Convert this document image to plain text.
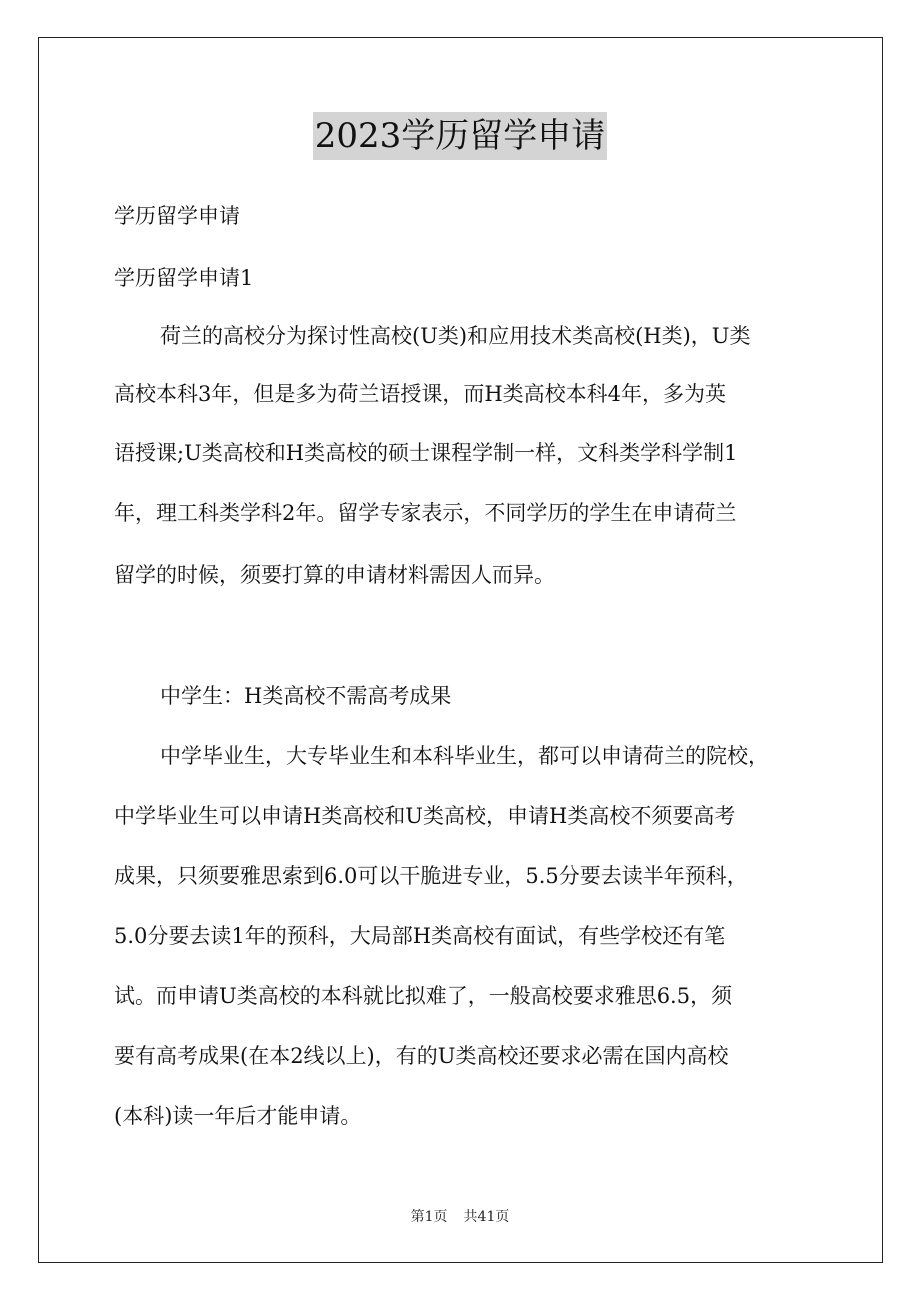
2023学历留学申请
学历留学申请
学历留学申请1
荷兰的高校分为探讨性高校(U类)和应用技术类高校(H类)，U类
高校本科3年，但是多为荷兰语授课，而H类高校本科4年，多为英
语授课;U类高校和H类高校的硕士课程学制一样，文科类学科学制1
年，理工科类学科2年。留学专家表示，不同学历的学生在申请荷兰
留学的时候，须要打算的申请材料需因人而异。
中学生：H类高校不需高考成果
中学毕业生，大专毕业生和本科毕业生，都可以申请荷兰的院校，
中学毕业生可以申请H类高校和U类高校，申请H类高校不须要高考
成果，只须要雅思索到6.0可以干脆进专业，5.5分要去读半年预科，
5.0分要去读1年的预科，大局部H类高校有面试，有些学校还有笔
试。而申请U类高校的本科就比拟难了，一般高校要求雅思6.5，须
要有高考成果(在本2线以上)，有的U类高校还要求必需在国内高校
(本科)读一年后才能申请。
第1页 共41页
